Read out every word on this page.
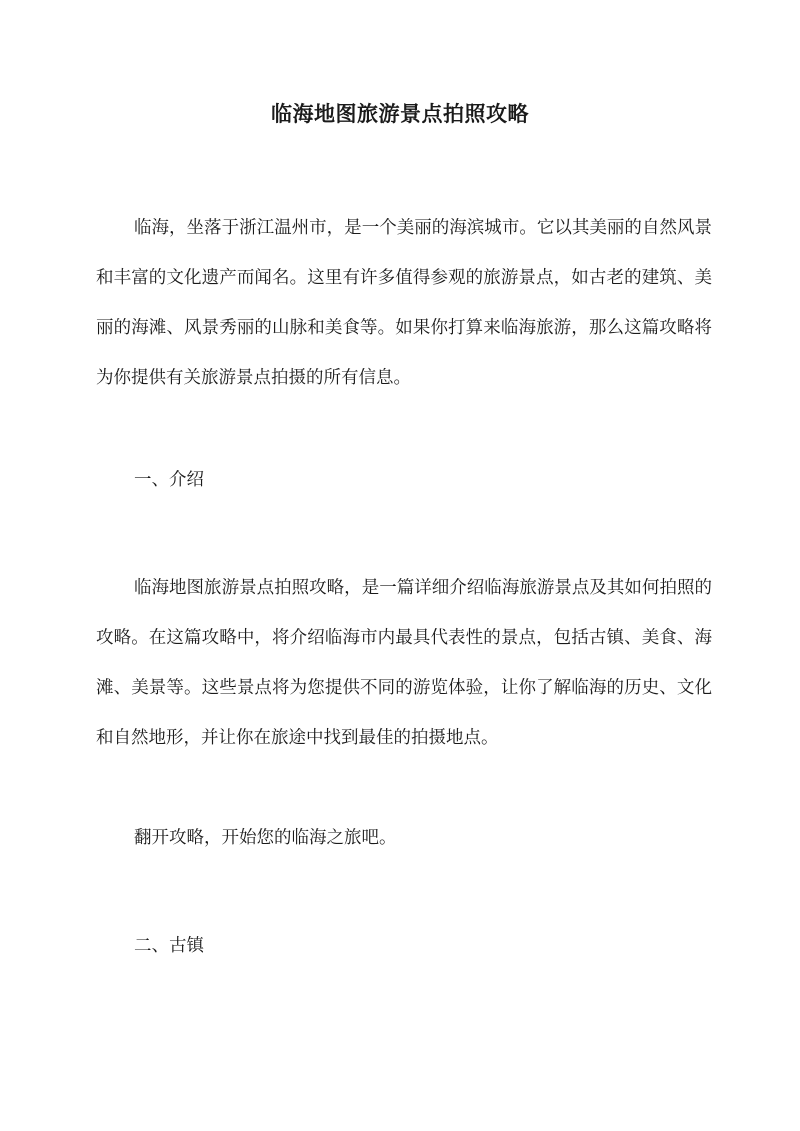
临海地图旅游景点拍照攻略

临海，坐落于浙江温州市，是一个美丽的海滨城市。它以其美丽的自然风景和丰富的文化遗产而闻名。这里有许多值得参观的旅游景点，如古老的建筑、美丽的海滩、风景秀丽的山脉和美食等。如果你打算来临海旅游，那么这篇攻略将为你提供有关旅游景点拍摄的所有信息。

一、介绍

临海地图旅游景点拍照攻略，是一篇详细介绍临海旅游景点及其如何拍照的攻略。在这篇攻略中，将介绍临海市内最具代表性的景点，包括古镇、美食、海滩、美景等。这些景点将为您提供不同的游览体验，让你了解临海的历史、文化和自然地形，并让你在旅途中找到最佳的拍摄地点。

翻开攻略，开始您的临海之旅吧。

二、古镇
